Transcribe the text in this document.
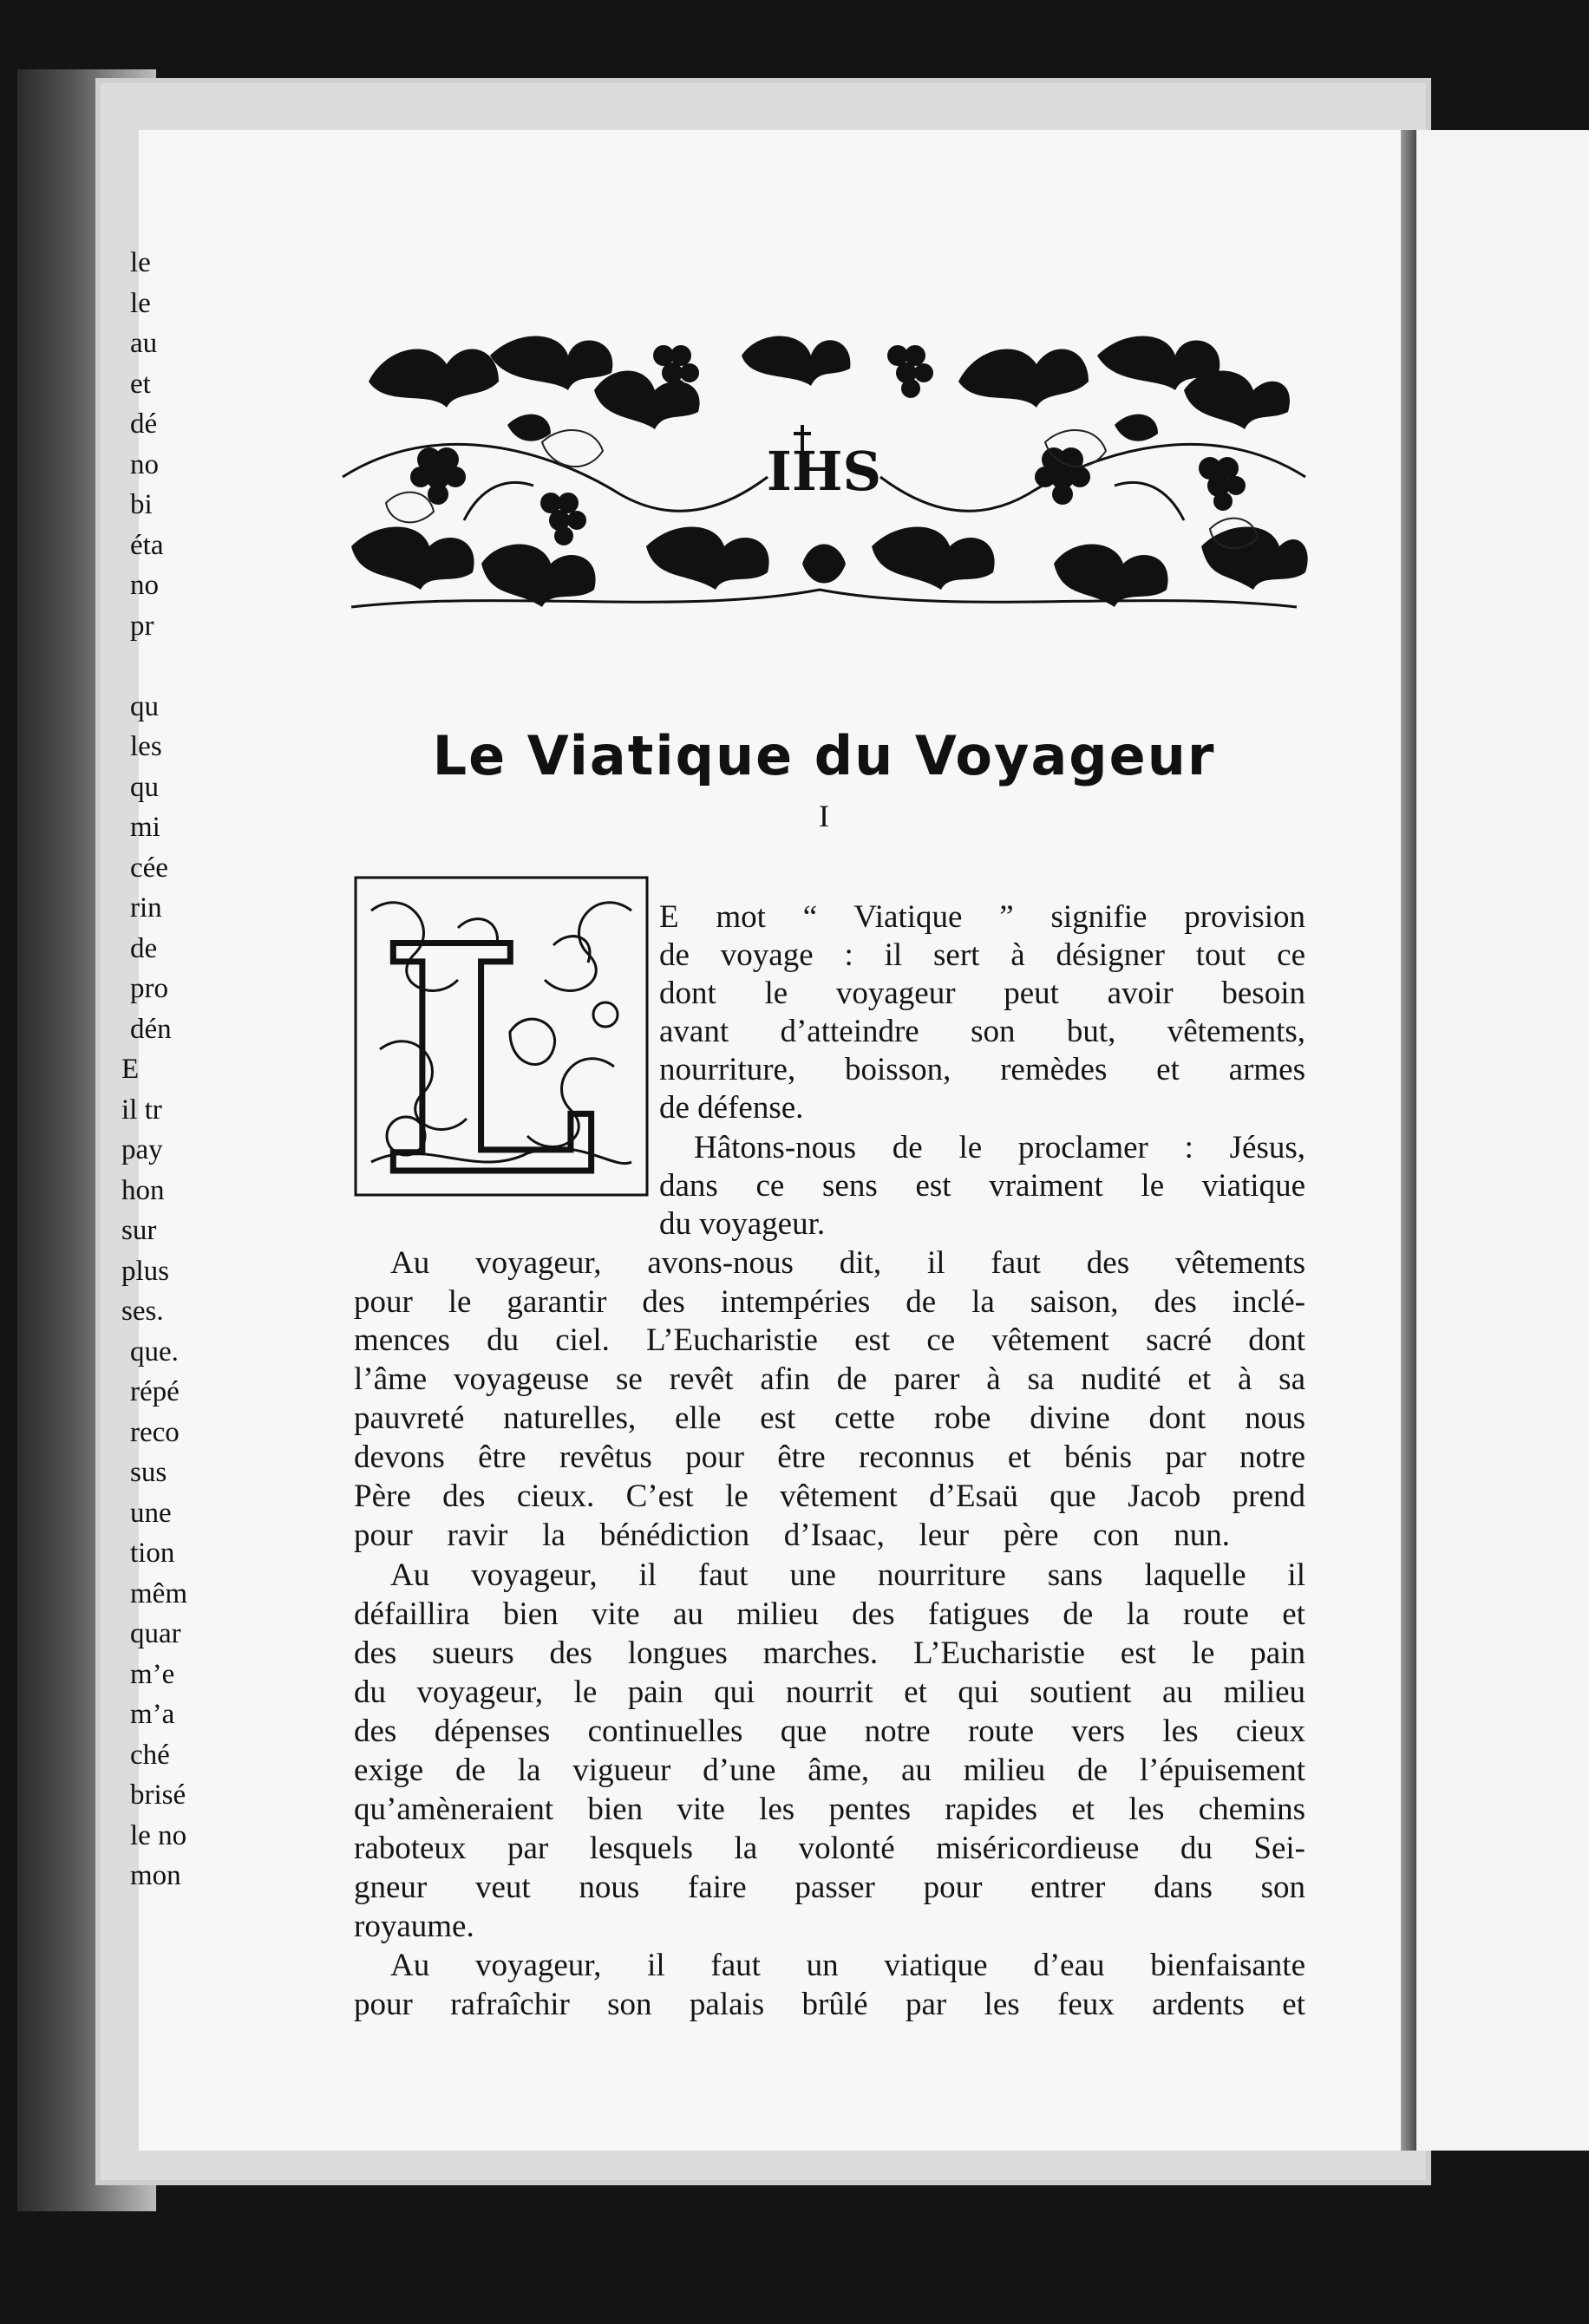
le
le
au
et
dé
no
bi
éta
no
pr
qu
les
qu
mi
cée
rin
de
pro
dén
E
il tr
pay
hon
sur
plus
ses.
que.
répé
reco
sus
une
tion
mêm
quar
m’e
m’a
ché
brisé
le no
mon
IHS
Le Viatique du Voyageur
I
L E mot “ Viatique ” signifie provision
de voyage : il sert à désigner tout ce
dont le voyageur peut avoir besoin
avant d’atteindre son but, vêtements,
nourriture, boisson, remèdes et armes
de défense.
Hâtons-nous de le proclamer : Jésus,
dans ce sens est vraiment le viatique
du voyageur.
Au voyageur, avons-nous dit, il faut des vêtements
pour le garantir des intempéries de la saison, des inclé-
mences du ciel. L’Eucharistie est ce vêtement sacré dont
l’âme voyageuse se revêt afin de parer à sa nudité et à sa
pauvreté naturelles, elle est cette robe divine dont nous
devons être revêtus pour être reconnus et bénis par notre
Père des cieux. C’est le vêtement d’Esaü que Jacob prend
pour ravir la bénédiction d’Isaac, leur père con nun.
Au voyageur, il faut une nourriture sans laquelle il
défaillira bien vite au milieu des fatigues de la route et
des sueurs des longues marches. L’Eucharistie est le pain
du voyageur, le pain qui nourrit et qui soutient au milieu
des dépenses continuelles que notre route vers les cieux
exige de la vigueur d’une âme, au milieu de l’épuisement
qu’amèneraient bien vite les pentes rapides et les chemins
raboteux par lesquels la volonté miséricordieuse du Sei-
gneur veut nous faire passer pour entrer dans son
royaume.
Au voyageur, il faut un viatique d’eau bienfaisante
pour rafraîchir son palais brûlé par les feux ardents et
